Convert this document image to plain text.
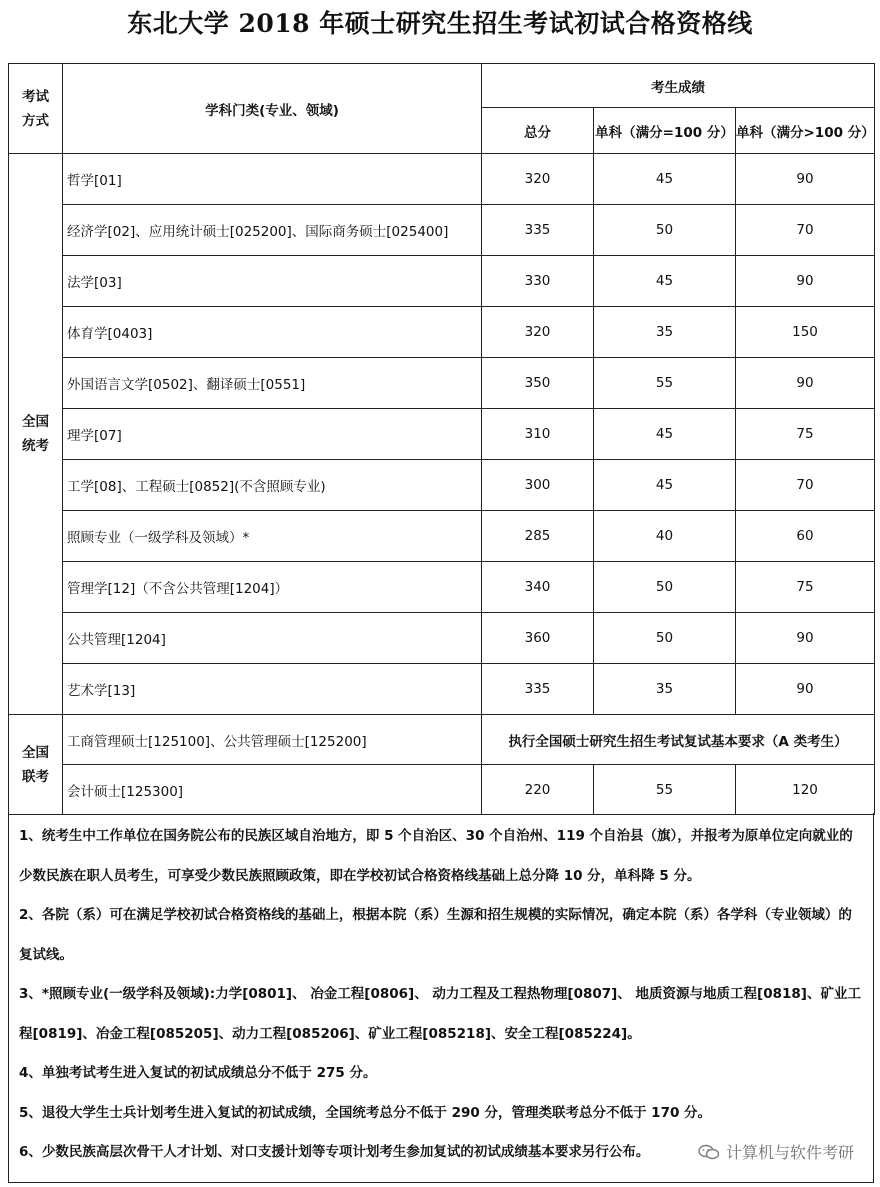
东北大学 2018 年硕士研究生招生考试初试合格资格线
考试
方式	学科门类(专业、领域)	考生成绩		
		总分	单科（满分=100 分）	单科（满分>100 分）
全国
统考	哲学[01]	320	45	90
	经济学[02]、应用统计硕士[025200]、国际商务硕士[025400]	335	50	70
	法学[03]	330	45	90
	体育学[0403]	320	35	150
	外国语言文学[0502]、翻译硕士[0551]	350	55	90
	理学[07]	310	45	75
	工学[08]、工程硕士[0852](不含照顾专业)	300	45	70
	照顾专业（一级学科及领域）*	285	40	60
	管理学[12]（不含公共管理[1204]）	340	50	75
	公共管理[1204]	360	50	90
	艺术学[13]	335	35	90
全国
联考	工商管理硕士[125100]、公共管理硕士[125200]	执行全国硕士研究生招生考试复试基本要求（A 类考生）		
	会计硕士[125300]	220	55	120

1、统考生中工作单位在国务院公布的民族区域自治地方，即 5 个自治区、30 个自治州、119 个自治县（旗），并报考为原单位定向就业的少数民族在职人员考生，可享受少数民族照顾政策，即在学校初试合格资格线基础上总分降 10 分，单科降 5 分。

2、各院（系）可在满足学校初试合格资格线的基础上，根据本院（系）生源和招生规模的实际情况，确定本院（系）各学科（专业领域）的复试线。

3、*照顾专业(一级学科及领域):力学[0801]、 冶金工程[0806]、 动力工程及工程热物理[0807]、 地质资源与地质工程[0818]、矿业工程[0819]、冶金工程[085205]、动力工程[085206]、矿业工程[085218]、安全工程[085224]。

4、单独考试考生进入复试的初试成绩总分不低于 275 分。

5、退役大学生士兵计划考生进入复试的初试成绩，全国统考总分不低于 290 分，管理类联考总分不低于 170 分。

6、少数民族高层次骨干人才计划、对口支援计划等专项计划考生参加复试的初试成绩基本要求另行公布。	计算机与软件考研
